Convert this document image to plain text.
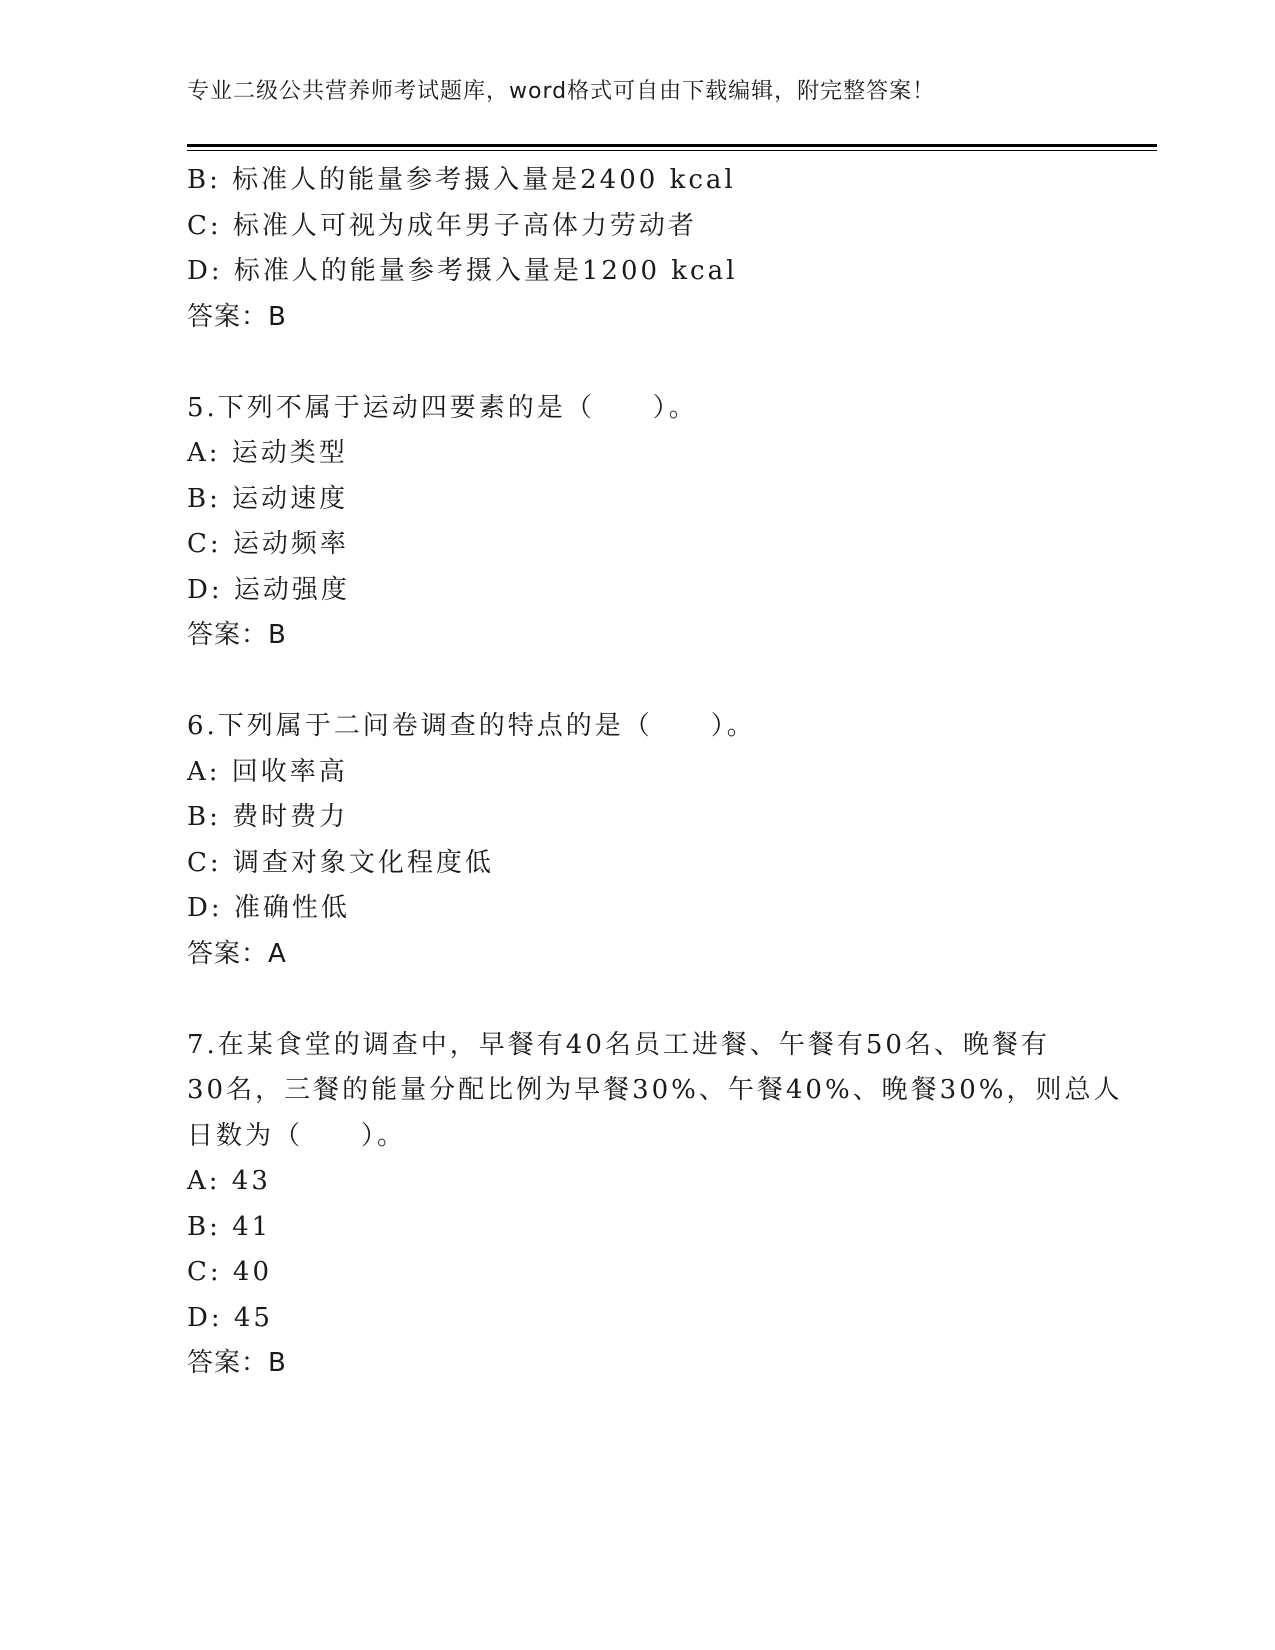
专业二级公共营养师考试题库，word格式可自由下载编辑，附完整答案！
B: 标准人的能量参考摄入量是2400 kcal
C: 标准人可视为成年男子高体力劳动者
D: 标准人的能量参考摄入量是1200 kcal
答案：B
5.下列不属于运动四要素的是（　　）。
A: 运动类型
B: 运动速度
C: 运动频率
D: 运动强度
答案：B
6.下列属于二问卷调查的特点的是（　　）。
A: 回收率高
B: 费时费力
C: 调查对象文化程度低
D: 准确性低
答案：A
7.在某食堂的调查中，早餐有40名员工进餐、午餐有50名、晚餐有
30名，三餐的能量分配比例为早餐30%、午餐40%、晚餐30%，则总人
日数为（　　）。
A: 43
B: 41
C: 40
D: 45
答案：B
